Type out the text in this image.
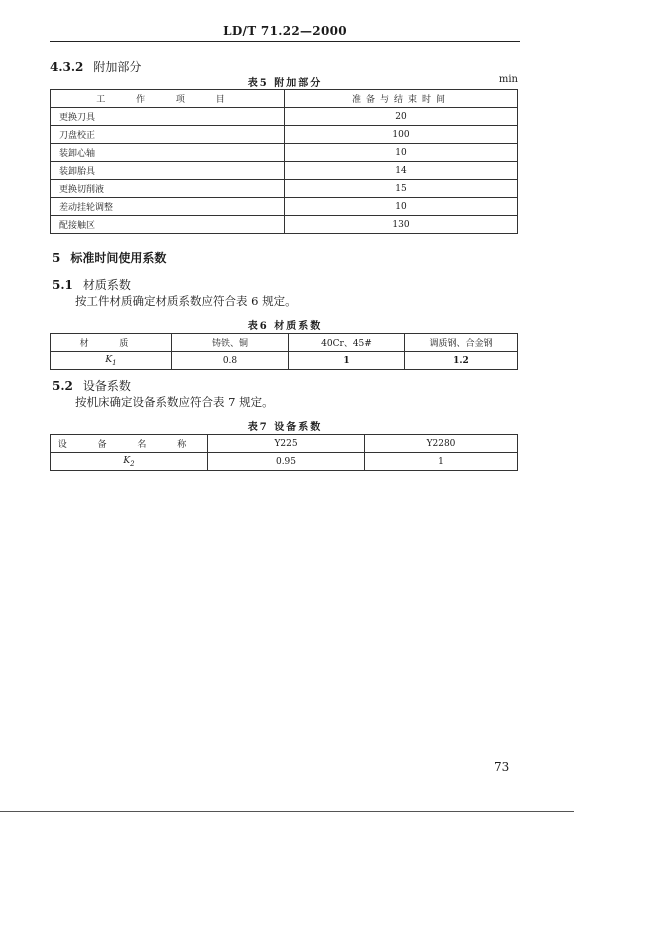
LD/T 71.22—2000
4.3.2 附加部分
表5 附加部分	min
工 作 项 目	准备与结束时间
更换刀具	20
刀盘校正	100
装卸心轴	10
装卸胎具	14
更换切削液	15
差动挂轮调整	10
配接触区	130
5 标准时间使用系数
5.1 材质系数
按工件材质确定材质系数应符合表 6 规定。
表6 材质系数
材 质	铸铁、铜	40Cr、45#	调质钢、合金钢
$K_1$	0.8	1	1.2
5.2 设备系数
按机床确定设备系数应符合表 7 规定。
表7 设备系数
设 备 名 称	Y225	Y2280
$K_2$	0.95	1
73
